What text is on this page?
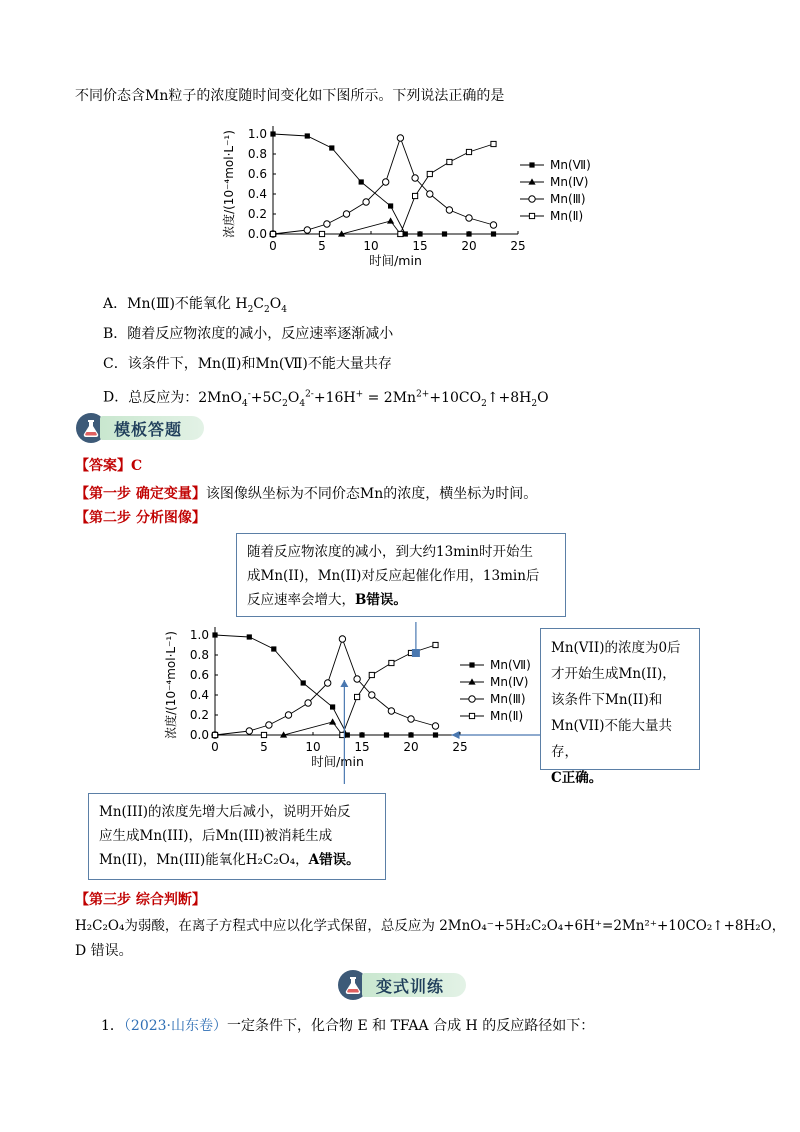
不同价态含Mn粒子的浓度随时间变化如下图所示。下列说法正确的是
0	5	10	15	20	25
0.0
0.2
0.4
0.6
0.8
1.0
时间/min
浓度/(10⁻⁴mol·L⁻¹)	Mn(Ⅶ)
Mn(Ⅳ)
Mn(Ⅲ)
Mn(Ⅱ)
A．Mn(Ⅲ)不能氧化 $H_2C_2O_4$
B．随着反应物浓度的减小，反应速率逐渐减小
C．该条件下，Mn(Ⅱ)和Mn(Ⅶ)不能大量共存
D．总反应为：$2MnO_4^-+5C_2O_4^{2-}+16H^+$ = $2Mn^{2+}+10CO_2↑+8H_2O$
模板答题
【答案】C
【第一步 确定变量】该图像纵坐标为不同价态Mn的浓度，横坐标为时间。
【第二步 分析图像】
随着反应物浓度的减小，到大约13min时开始生
成Mn(II)，Mn(II)对反应起催化作用，13min后
反应速率会增大，B错误。
0	5	10	15	20	25
0.0
0.2
0.4
0.6
0.8
1.0
时间/min
浓度/(10⁻⁴mol·L⁻¹)	Mn(Ⅶ)
Mn(Ⅳ)
Mn(Ⅲ)
Mn(Ⅱ)
Mn(VII)的浓度为0后
才开始生成Mn(II)，
该条件下Mn(II)和
Mn(VII)不能大量共存，
C正确。
Mn(III)的浓度先增大后减小，说明开始反
应生成Mn(III)，后Mn(III)被消耗生成
Mn(II)，Mn(III)能氧化H₂C₂O₄，A错误。
【第三步 综合判断】
H₂C₂O₄为弱酸，在离子方程式中应以化学式保留，总反应为 2MnO₄⁻+5H₂C₂O₄+6H⁺=2Mn²⁺+10CO₂↑+8H₂O，
D 错误。
变式训练
1．（2023·山东卷）一定条件下，化合物 E 和 TFAA 合成 H 的反应路径如下：
